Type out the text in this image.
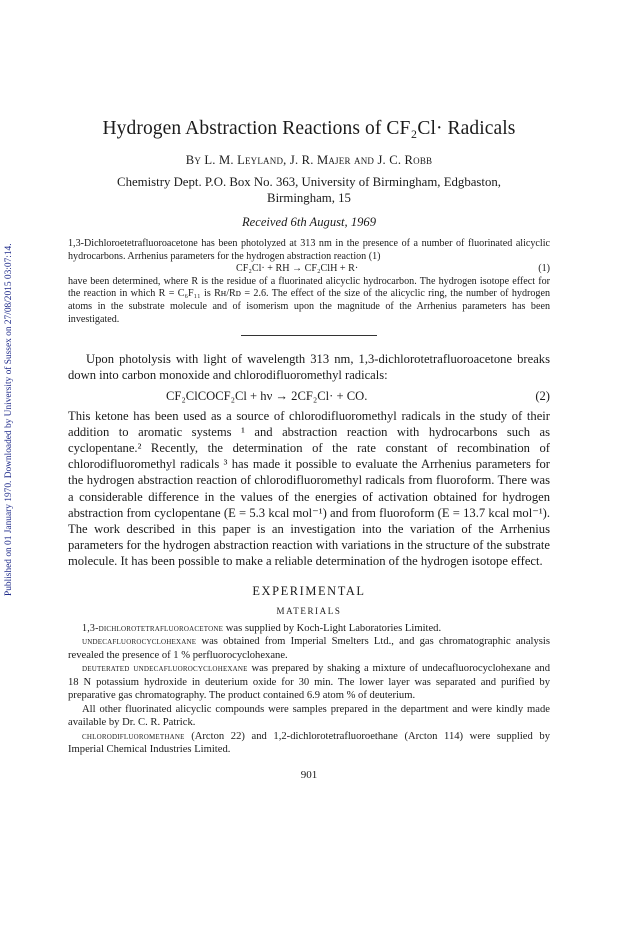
Published on 01 January 1970. Downloaded by University of Sussex on 27/08/2015 03:07:14.
Hydrogen Abstraction Reactions of CF₂Cl· Radicals
By L. M. Leyland, J. R. Majer and J. C. Robb
Chemistry Dept. P.O. Box No. 363, University of Birmingham, Edgbaston,
Birmingham, 15
Received 6th August, 1969
1,3-Dichloroetetrafluoroacetone has been photolyzed at 313 nm in the presence of a number of fluorinated alicyclic hydrocarbons. Arrhenius parameters for the hydrogen abstraction reaction (1)
CF₂Cl· + RH → CF₂ClH + R·	(1)
have been determined, where R is the residue of a fluorinated alicyclic hydrocarbon. The hydrogen isotope effect for the reaction in which R = C₆F₁₁ is Rʜ/Rᴅ = 2.6. The effect of the size of the alicyclic ring, the number of hydrogen atoms in the substrate molecule and of isomerism upon the magnitude of the Arrhenius parameters has been investigated.

Upon photolysis with light of wavelength 313 nm, 1,3-dichlorotetrafluoroacetone breaks down into carbon monoxide and chlorodifluoromethyl radicals:

CF₂ClCOCF₂Cl + hν → 2CF₂Cl· + CO.	(2)

This ketone has been used as a source of chlorodifluoromethyl radicals in the study of their addition to aromatic systems ¹ and abstraction reaction with hydrocarbons such as cyclopentane.² Recently, the determination of the rate constant of recombination of chlorodifluoromethyl radicals ³ has made it possible to evaluate the Arrhenius parameters for the hydrogen abstraction reaction of chlorodifluoromethyl radicals from fluoroform. There was a considerable difference in the values of the energies of activation obtained for hydrogen abstraction from cyclopentane (E = 5.3 kcal mol⁻¹) and from fluoroform (E = 13.7 kcal mol⁻¹). The work described in this paper is an investigation into the variation of the Arrhenius parameters for the hydrogen abstraction reaction with variations in the structure of the substrate molecule. It has been possible to make a reliable determination of the hydrogen isotope effect.

EXPERIMENTAL
MATERIALS

1,3-dichlorotetrafluoroacetone was supplied by Koch-Light Laboratories Limited.

undecafluorocyclohexane was obtained from Imperial Smelters Ltd., and gas chromatographic analysis revealed the presence of 1 % perfluorocyclohexane.

deuterated undecafluorocyclohexane was prepared by shaking a mixture of undecafluorocyclohexane and 18 N potassium hydroxide in deuterium oxide for 30 min. The lower layer was separated and purified by preparative gas chromatography. The product contained 6.9 atom % of deuterium.

All other fluorinated alicyclic compounds were samples prepared in the department and were kindly made available by Dr. C. R. Patrick.

chlorodifluoromethane (Arcton 22) and 1,2-dichlorotetrafluoroethane (Arcton 114) were supplied by Imperial Chemical Industries Limited.

901
